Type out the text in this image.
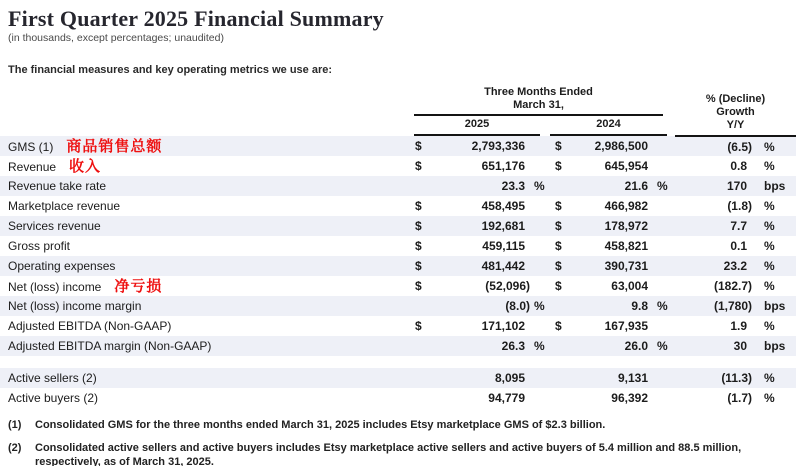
First Quarter 2025 Financial Summary
(in thousands, except percentages; unaudited)

The financial measures and key operating metrics we use are:

	Three Months Ended
March 31,						% (Decline)
Growth
Y/Y	

	2025			2024				

GMS (1) 商品销售总额	$	2,793,336		$	2,986,500		(6.5)	%
Revenue 收入	$	651,176		$	645,954		0.8	%
Revenue take rate		23.3	%		21.6	%	170	bps
Marketplace revenue	$	458,495		$	466,982		(1.8)	%
Services revenue	$	192,681		$	178,972		7.7	%
Gross profit	$	459,115		$	458,821		0.1	%
Operating expenses	$	481,442		$	390,731		23.2	%
Net (loss) income 净亏损	$	(52,096)		$	63,004		(182.7)	%
Net (loss) income margin		(8.0)	%		9.8	%	(1,780)	bps
Adjusted EBITDA (Non-GAAP)	$	171,102		$	167,935		1.9	%
Adjusted EBITDA margin (Non-GAAP)		26.3	%		26.0	%	30	bps

Active sellers (2)		8,095			9,131		(11.3)	%
Active buyers (2)		94,779			96,392		(1.7)	%
(1)	Consolidated GMS for the three months ended March 31, 2025 includes Etsy marketplace GMS of $2.3 billion.
(2)	Consolidated active sellers and active buyers includes Etsy marketplace active sellers and active buyers of 5.4 million and 88.5 million, respectively, as of March 31, 2025.
